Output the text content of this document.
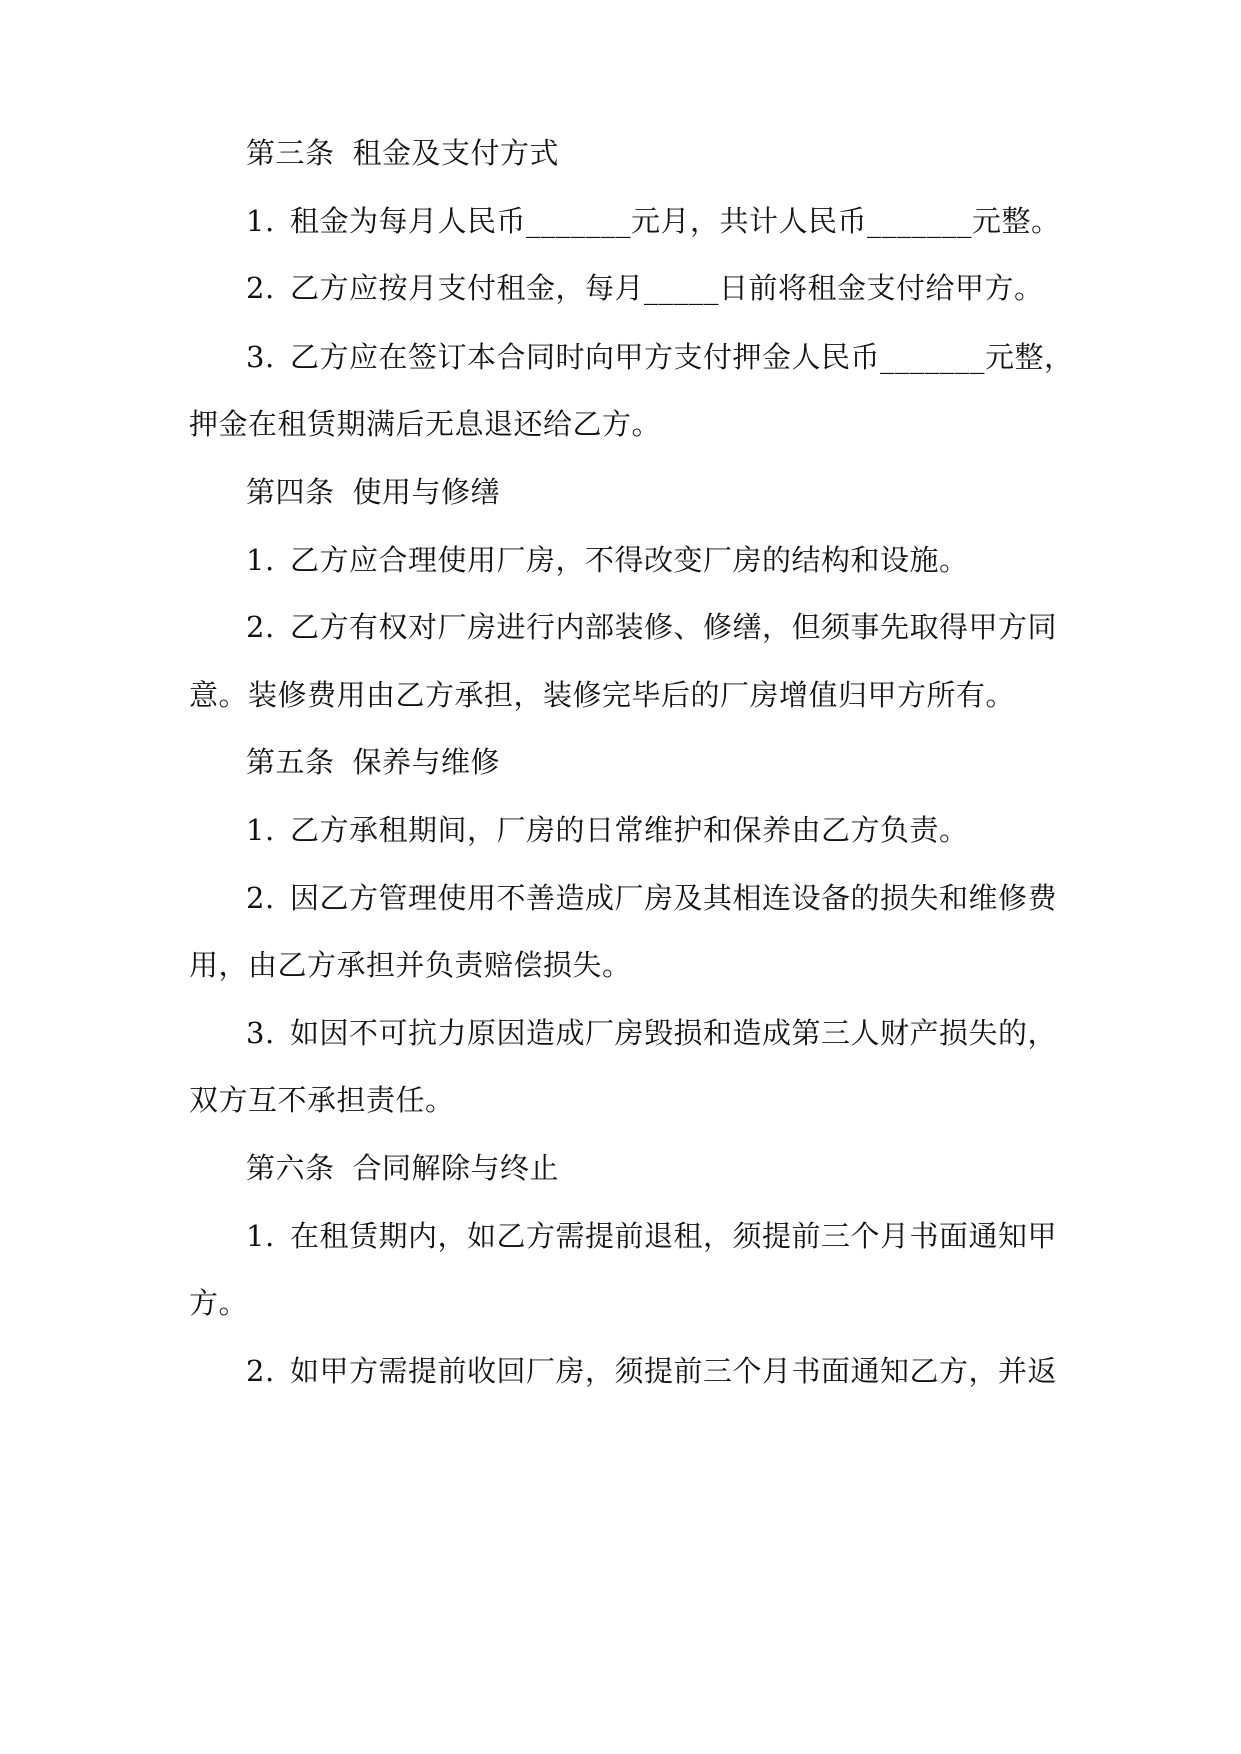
第三条 租金及支付方式
1. 租金为每月人民币_______元月，共计人民币_______元整。
2. 乙方应按月支付租金，每月_____日前将租金支付给甲方。
3. 乙方应在签订本合同时向甲方支付押金人民币_______元整，
押金在租赁期满后无息退还给乙方。
第四条 使用与修缮
1. 乙方应合理使用厂房，不得改变厂房的结构和设施。
2. 乙方有权对厂房进行内部装修、修缮，但须事先取得甲方同
意。装修费用由乙方承担，装修完毕后的厂房增值归甲方所有。
第五条 保养与维修
1. 乙方承租期间，厂房的日常维护和保养由乙方负责。
2. 因乙方管理使用不善造成厂房及其相连设备的损失和维修费
用，由乙方承担并负责赔偿损失。
3. 如因不可抗力原因造成厂房毁损和造成第三人财产损失的，
双方互不承担责任。
第六条 合同解除与终止
1. 在租赁期内，如乙方需提前退租，须提前三个月书面通知甲
方。
2. 如甲方需提前收回厂房，须提前三个月书面通知乙方，并返
